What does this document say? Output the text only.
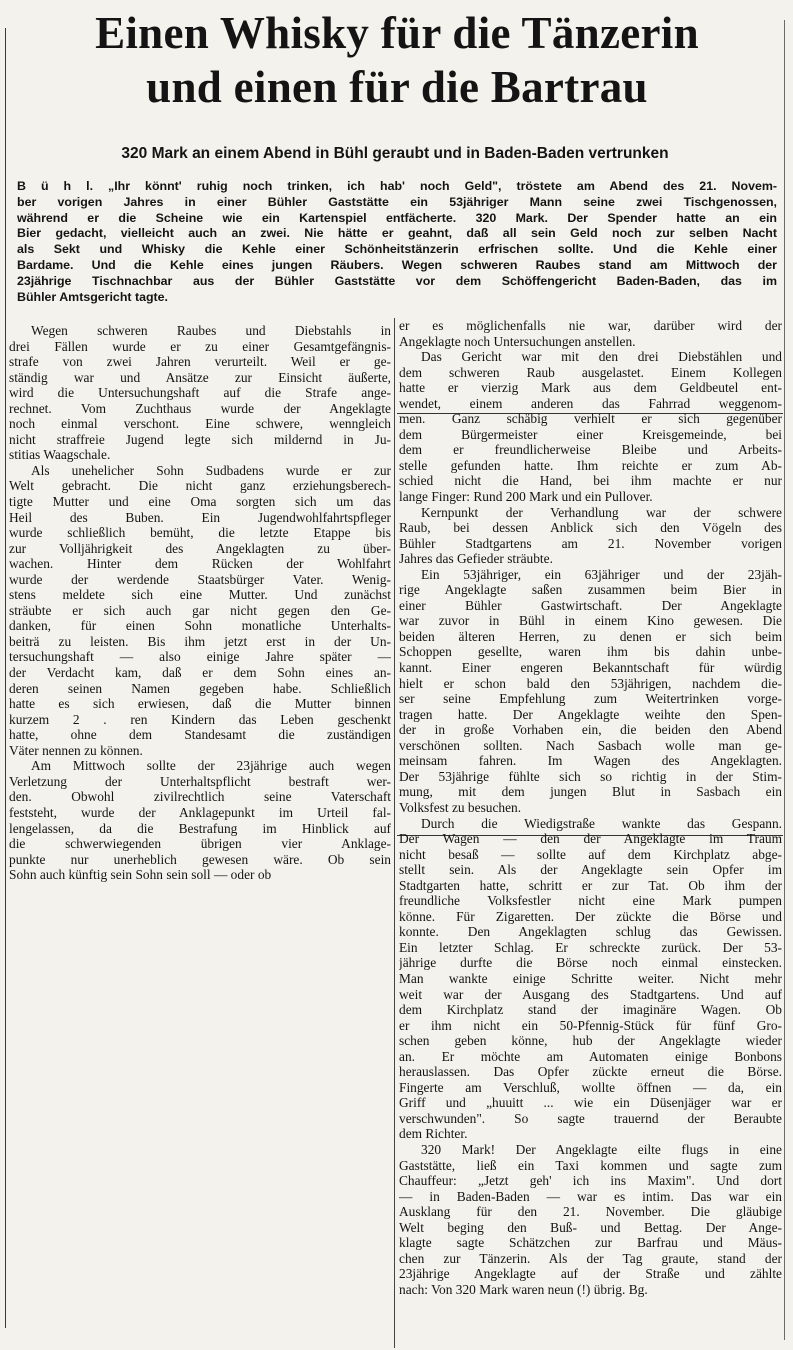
Einen Whisky für die Tänzerin
und einen für die Bartrau

320 Mark an einem Abend in Bühl geraubt und in Baden-Baden vertrunken

B ü h l. „Ihr könnt' ruhig noch trinken, ich hab' noch Geld", tröstete am Abend des 21. Novem-
ber vorigen Jahres in einer Bühler Gaststätte ein 53jähriger Mann seine zwei Tischgenossen,
während er die Scheine wie ein Kartenspiel entfächerte. 320 Mark. Der Spender hatte an ein
Bier gedacht, vielleicht auch an zwei. Nie hätte er geahnt, daß all sein Geld noch zur selben Nacht
als Sekt und Whisky die Kehle einer Schönheitstänzerin erfrischen sollte. Und die Kehle einer
Bardame. Und die Kehle eines jungen Räubers. Wegen schweren Raubes stand am Mittwoch der
23jährige Tischnachbar aus der Bühler Gaststätte vor dem Schöffengericht Baden-Baden, das im
Bühler Amtsgericht tagte.
Wegen schweren Raubes und Diebstahls in
drei Fällen wurde er zu einer Gesamtgefängnis-
strafe von zwei Jahren verurteilt. Weil er ge-
ständig war und Ansätze zur Einsicht äußerte,
wird die Untersuchungshaft auf die Strafe ange-
rechnet. Vom Zuchthaus wurde der Angeklagte
noch einmal verschont. Eine schwere, wenngleich
nicht straffreie Jugend legte sich mildernd in Ju-
stitias Waagschale.
Als unehelicher Sohn Sudbadens wurde er zur
Welt gebracht. Die nicht ganz erziehungsberech-
tigte Mutter und eine Oma sorgten sich um das
Heil des Buben. Ein Jugendwohlfahrtspfleger
wurde schließlich bemüht, die letzte Etappe bis
zur Volljährigkeit des Angeklagten zu über-
wachen. Hinter dem Rücken der Wohlfahrt
wurde der werdende Staatsbürger Vater. Wenig-
stens meldete sich eine Mutter. Und zunächst
sträubte er sich auch gar nicht gegen den Ge-
danken, für einen Sohn monatliche Unterhalts-
beiträ zu leisten. Bis ihm jetzt erst in der Un-
tersuchungshaft — also einige Jahre später —
der Verdacht kam, daß er dem Sohn eines an-
deren seinen Namen gegeben habe. Schließlich
hatte es sich erwiesen, daß die Mutter binnen
kurzem 2 . ren Kindern das Leben geschenkt
hatte, ohne dem Standesamt die zuständigen
Väter nennen zu können.
Am Mittwoch sollte der 23jährige auch wegen
Verletzung der Unterhaltspflicht bestraft wer-
den. Obwohl zivilrechtlich seine Vaterschaft
feststeht, wurde der Anklagepunkt im Urteil fal-
lengelassen, da die Bestrafung im Hinblick auf
die schwerwiegenden übrigen vier Anklage-
punkte nur unerheblich gewesen wäre. Ob sein
Sohn auch künftig sein Sohn sein soll — oder ob
er es möglichenfalls nie war, darüber wird der
Angeklagte noch Untersuchungen anstellen.
Das Gericht war mit den drei Diebstählen und
dem schweren Raub ausgelastet. Einem Kollegen
hatte er vierzig Mark aus dem Geldbeutel ent-
wendet, einem anderen das Fahrrad weggenom-
men. Ganz schäbig verhielt er sich gegenüber
dem Bürgermeister einer Kreisgemeinde, bei
dem er freundlicherweise Bleibe und Arbeits-
stelle gefunden hatte. Ihm reichte er zum Ab-
schied nicht die Hand, bei ihm machte er nur
lange Finger: Rund 200 Mark und ein Pullover.
Kernpunkt der Verhandlung war der schwere
Raub, bei dessen Anblick sich den Vögeln des
Bühler Stadtgartens am 21. November vorigen
Jahres das Gefieder sträubte.
Ein 53jähriger, ein 63jähriger und der 23jäh-
rige Angeklagte saßen zusammen beim Bier in
einer Bühler Gastwirtschaft. Der Angeklagte
war zuvor in Bühl in einem Kino gewesen. Die
beiden älteren Herren, zu denen er sich beim
Schoppen gesellte, waren ihm bis dahin unbe-
kannt. Einer engeren Bekanntschaft für würdig
hielt er schon bald den 53jährigen, nachdem die-
ser seine Empfehlung zum Weitertrinken vorge-
tragen hatte. Der Angeklagte weihte den Spen-
der in große Vorhaben ein, die beiden den Abend
verschönen sollten. Nach Sasbach wolle man ge-
meinsam fahren. Im Wagen des Angeklagten.
Der 53jährige fühlte sich so richtig in der Stim-
mung, mit dem jungen Blut in Sasbach ein
Volksfest zu besuchen.
Durch die Wiedigstraße wankte das Gespann.
Der Wagen — den der Angeklagte im Traum
nicht besaß — sollte auf dem Kirchplatz abge-
stellt sein. Als der Angeklagte sein Opfer im
Stadtgarten hatte, schritt er zur Tat. Ob ihm der
freundliche Volksfestler nicht eine Mark pumpen
könne. Für Zigaretten. Der zückte die Börse und
konnte. Den Angeklagten schlug das Gewissen.
Ein letzter Schlag. Er schreckte zurück. Der 53-
jährige durfte die Börse noch einmal einstecken.
Man wankte einige Schritte weiter. Nicht mehr
weit war der Ausgang des Stadtgartens. Und auf
dem Kirchplatz stand der imaginäre Wagen. Ob
er ihm nicht ein 50-Pfennig-Stück für fünf Gro-
schen geben könne, hub der Angeklagte wieder
an. Er möchte am Automaten einige Bonbons
herauslassen. Das Opfer zückte erneut die Börse.
Fingerte am Verschluß, wollte öffnen — da, ein
Griff und „huuitt ... wie ein Düsenjäger war er
verschwunden". So sagte trauernd der Beraubte
dem Richter.
320 Mark! Der Angeklagte eilte flugs in eine
Gaststätte, ließ ein Taxi kommen und sagte zum
Chauffeur: „Jetzt geh' ich ins Maxim". Und dort
— in Baden-Baden — war es intim. Das war ein
Ausklang für den 21. November. Die gläubige
Welt beging den Buß- und Bettag. Der Ange-
klagte sagte Schätzchen zur Barfrau und Mäus-
chen zur Tänzerin. Als der Tag graute, stand der
23jährige Angeklagte auf der Straße und zählte
nach: Von 320 Mark waren neun (!) übrig. Bg.
